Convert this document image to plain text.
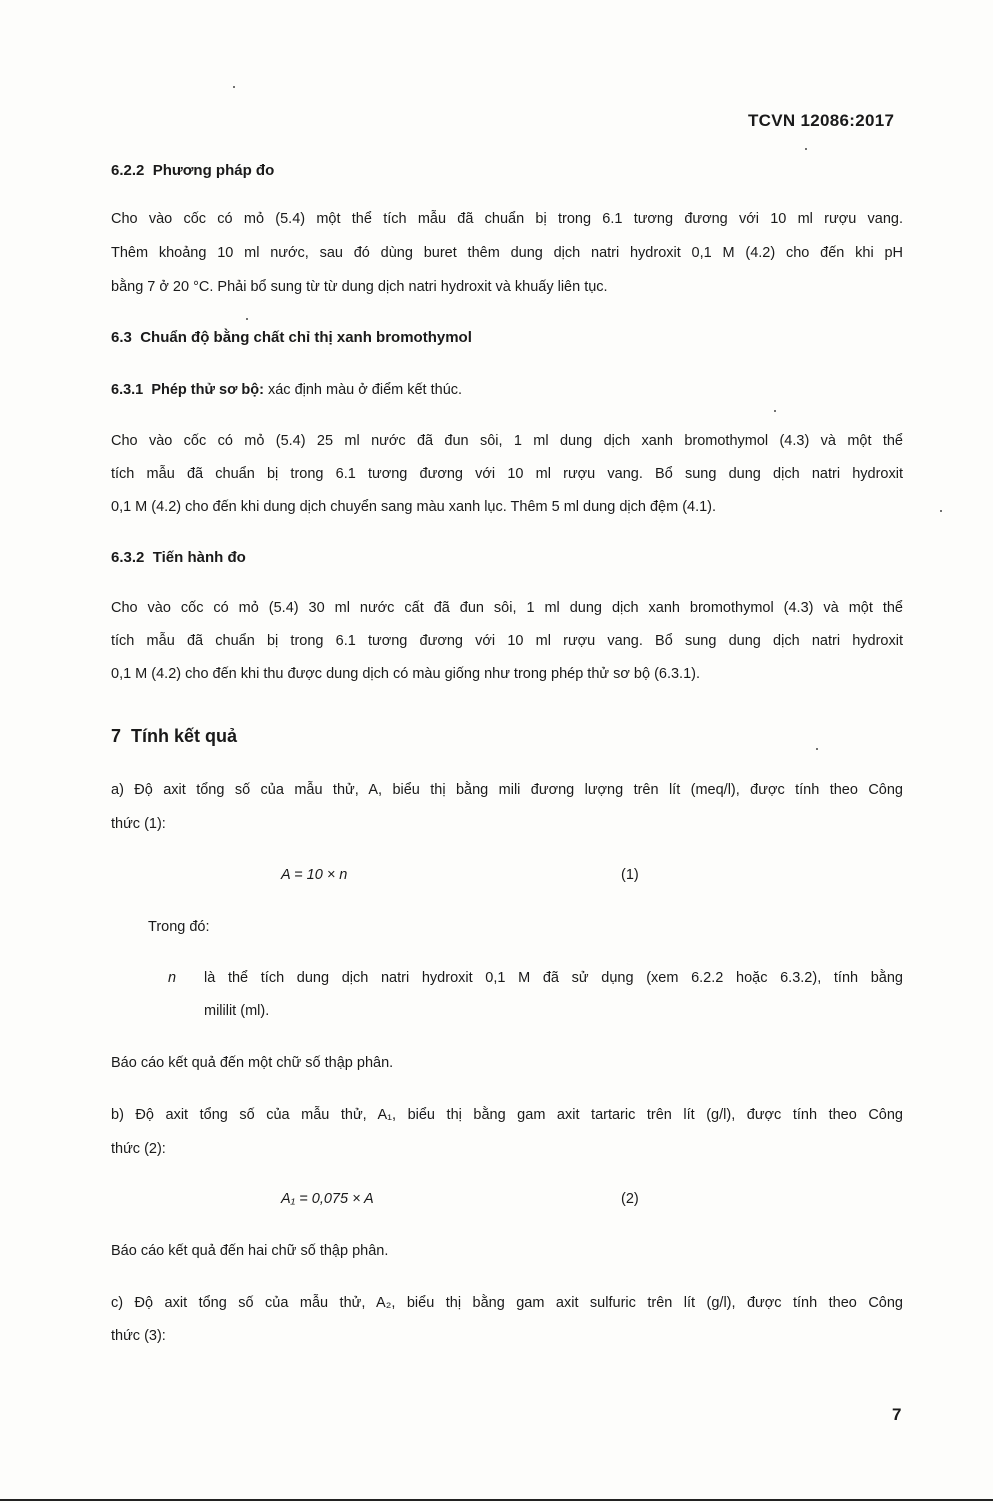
TCVN 12086:2017
6.2.2 Phương pháp đo
Cho vào cốc có mỏ (5.4) một thể tích mẫu đã chuẩn bị trong 6.1 tương đương với 10 ml rượu vang.
Thêm khoảng 10 ml nước, sau đó dùng buret thêm dung dịch natri hydroxit 0,1 M (4.2) cho đến khi pH
bằng 7 ở 20 °C. Phải bổ sung từ từ dung dịch natri hydroxit và khuấy liên tục.
6.3 Chuẩn độ bằng chất chỉ thị xanh bromothymol
6.3.1 Phép thử sơ bộ: xác định màu ở điểm kết thúc.
Cho vào cốc có mỏ (5.4) 25 ml nước đã đun sôi, 1 ml dung dịch xanh bromothymol (4.3) và một thể
tích mẫu đã chuẩn bị trong 6.1 tương đương với 10 ml rượu vang. Bổ sung dung dịch natri hydroxit
0,1 M (4.2) cho đến khi dung dịch chuyển sang màu xanh lục. Thêm 5 ml dung dịch đệm (4.1).
6.3.2 Tiến hành đo
Cho vào cốc có mỏ (5.4) 30 ml nước cất đã đun sôi, 1 ml dung dịch xanh bromothymol (4.3) và một thể
tích mẫu đã chuẩn bị trong 6.1 tương đương với 10 ml rượu vang. Bổ sung dung dịch natri hydroxit
0,1 M (4.2) cho đến khi thu được dung dịch có màu giống như trong phép thử sơ bộ (6.3.1).
7 Tính kết quả
a) Độ axit tổng số của mẫu thử, A, biểu thị bằng mili đương lượng trên lít (meq/l), được tính theo Công
thức (1):
A = 10 × n	(1)
Trong đó:
n là thể tích dung dịch natri hydroxit 0,1 M đã sử dụng (xem 6.2.2 hoặc 6.3.2), tính bằng
mililit (ml).
Báo cáo kết quả đến một chữ số thập phân.
b) Độ axit tổng số của mẫu thử, A₁, biểu thị bằng gam axit tartaric trên lít (g/l), được tính theo Công
thức (2):
A₁ = 0,075 × A	(2)
Báo cáo kết quả đến hai chữ số thập phân.
c) Độ axit tổng số của mẫu thử, A₂, biểu thị bằng gam axit sulfuric trên lít (g/l), được tính theo Công
thức (3):
7
